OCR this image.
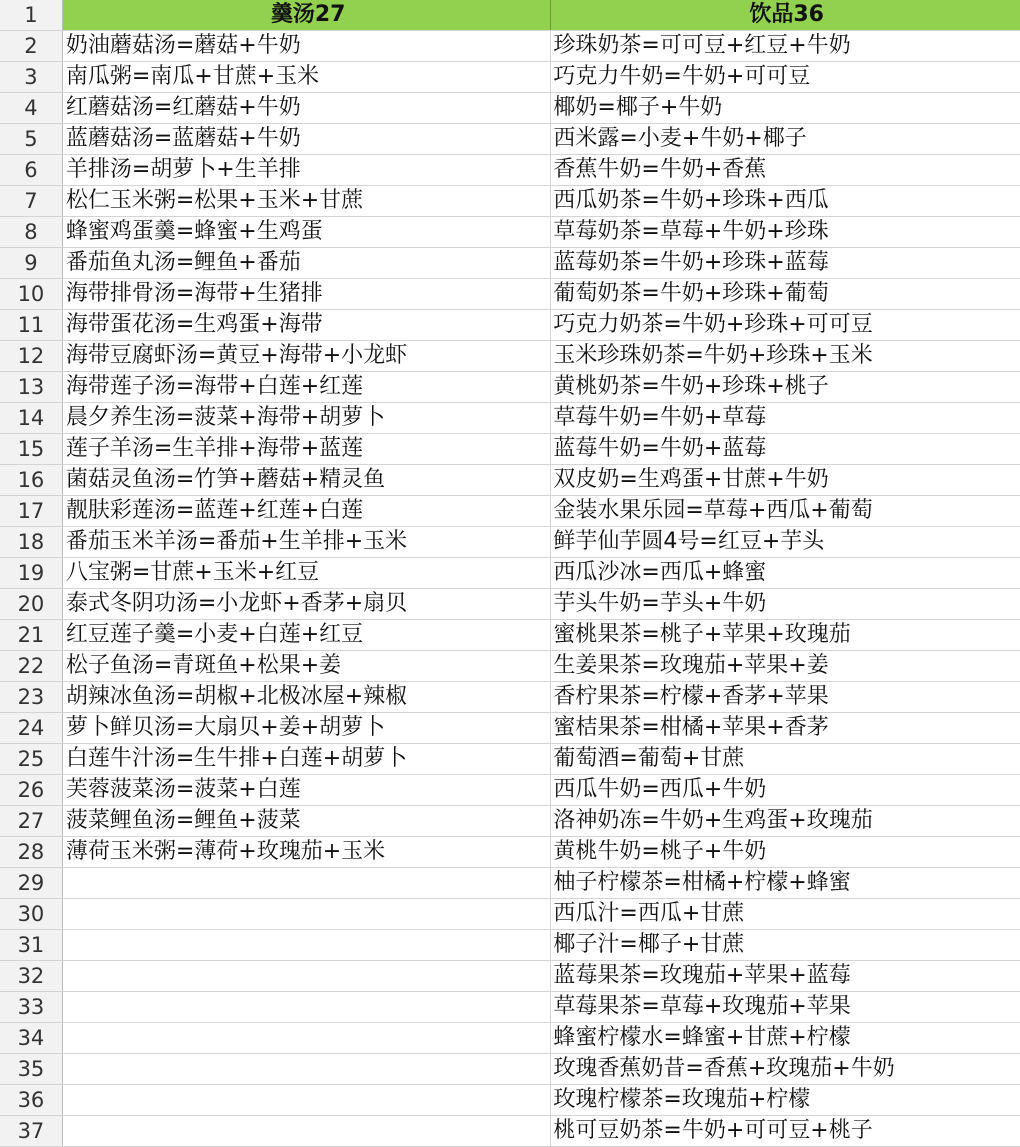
1	羹汤27	饮品36
2	奶油蘑菇汤=蘑菇+牛奶	珍珠奶茶=可可豆+红豆+牛奶
3	南瓜粥=南瓜+甘蔗+玉米	巧克力牛奶=牛奶+可可豆
4	红蘑菇汤=红蘑菇+牛奶	椰奶=椰子+牛奶
5	蓝蘑菇汤=蓝蘑菇+牛奶	西米露=小麦+牛奶+椰子
6	羊排汤=胡萝卜+生羊排	香蕉牛奶=牛奶+香蕉
7	松仁玉米粥=松果+玉米+甘蔗	西瓜奶茶=牛奶+珍珠+西瓜
8	蜂蜜鸡蛋羹=蜂蜜+生鸡蛋	草莓奶茶=草莓+牛奶+珍珠
9	番茄鱼丸汤=鲤鱼+番茄	蓝莓奶茶=牛奶+珍珠+蓝莓
10	海带排骨汤=海带+生猪排	葡萄奶茶=牛奶+珍珠+葡萄
11	海带蛋花汤=生鸡蛋+海带	巧克力奶茶=牛奶+珍珠+可可豆
12	海带豆腐虾汤=黄豆+海带+小龙虾	玉米珍珠奶茶=牛奶+珍珠+玉米
13	海带莲子汤=海带+白莲+红莲	黄桃奶茶=牛奶+珍珠+桃子
14	晨夕养生汤=菠菜+海带+胡萝卜	草莓牛奶=牛奶+草莓
15	莲子羊汤=生羊排+海带+蓝莲	蓝莓牛奶=牛奶+蓝莓
16	菌菇灵鱼汤=竹笋+蘑菇+精灵鱼	双皮奶=生鸡蛋+甘蔗+牛奶
17	靓肤彩莲汤=蓝莲+红莲+白莲	金装水果乐园=草莓+西瓜+葡萄
18	番茄玉米羊汤=番茄+生羊排+玉米	鲜芋仙芋圆4号=红豆+芋头
19	八宝粥=甘蔗+玉米+红豆	西瓜沙冰=西瓜+蜂蜜
20	泰式冬阴功汤=小龙虾+香茅+扇贝	芋头牛奶=芋头+牛奶
21	红豆莲子羹=小麦+白莲+红豆	蜜桃果茶=桃子+苹果+玫瑰茄
22	松子鱼汤=青斑鱼+松果+姜	生姜果茶=玫瑰茄+苹果+姜
23	胡辣冰鱼汤=胡椒+北极冰屋+辣椒	香柠果茶=柠檬+香茅+苹果
24	萝卜鲜贝汤=大扇贝+姜+胡萝卜	蜜桔果茶=柑橘+苹果+香茅
25	白莲牛汁汤=生牛排+白莲+胡萝卜	葡萄酒=葡萄+甘蔗
26	芙蓉菠菜汤=菠菜+白莲	西瓜牛奶=西瓜+牛奶
27	菠菜鲤鱼汤=鲤鱼+菠菜	洛神奶冻=牛奶+生鸡蛋+玫瑰茄
28	薄荷玉米粥=薄荷+玫瑰茄+玉米	黄桃牛奶=桃子+牛奶
29		柚子柠檬茶=柑橘+柠檬+蜂蜜
30		西瓜汁=西瓜+甘蔗
31		椰子汁=椰子+甘蔗
32		蓝莓果茶=玫瑰茄+苹果+蓝莓
33		草莓果茶=草莓+玫瑰茄+苹果
34		蜂蜜柠檬水=蜂蜜+甘蔗+柠檬
35		玫瑰香蕉奶昔=香蕉+玫瑰茄+牛奶
36		玫瑰柠檬茶=玫瑰茄+柠檬
37		桃可豆奶茶=牛奶+可可豆+桃子
